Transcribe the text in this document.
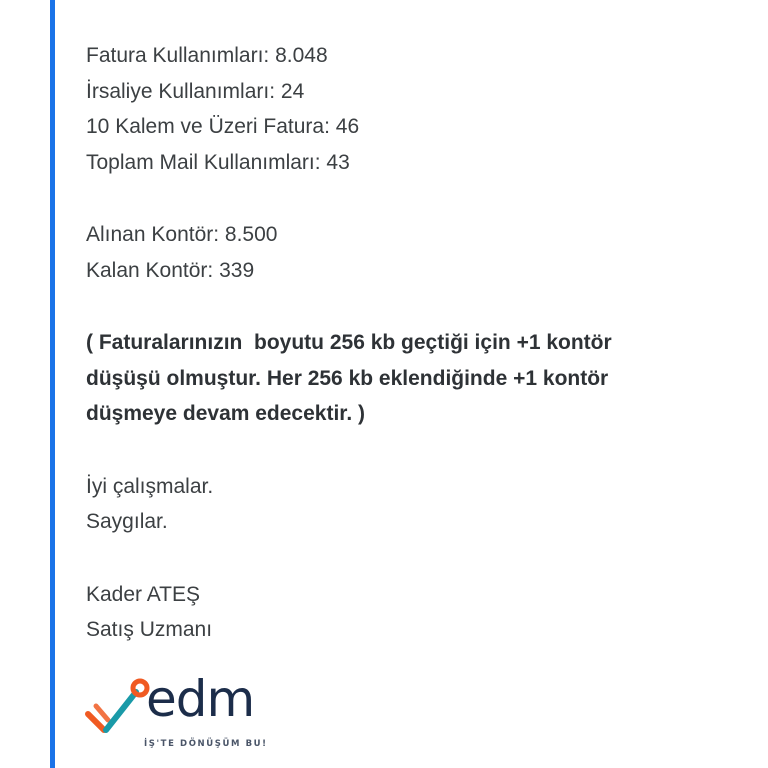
Fatura Kullanımları: 8.048
İrsaliye Kullanımları: 24
10 Kalem ve Üzeri Fatura: 46
Toplam Mail Kullanımları: 43
Alınan Kontör: 8.500
Kalan Kontör: 339
( Faturalarınızın  boyutu 256 kb geçtiği için +1 kontör
düşüşü olmuştur. Her 256 kb eklendiğinde +1 kontör
düşmeye devam edecektir. )
İyi çalışmalar.
Saygılar.
Kader ATEŞ
Satış Uzmanı
edm
İŞ'TE DÖNÜŞÜM BU!
